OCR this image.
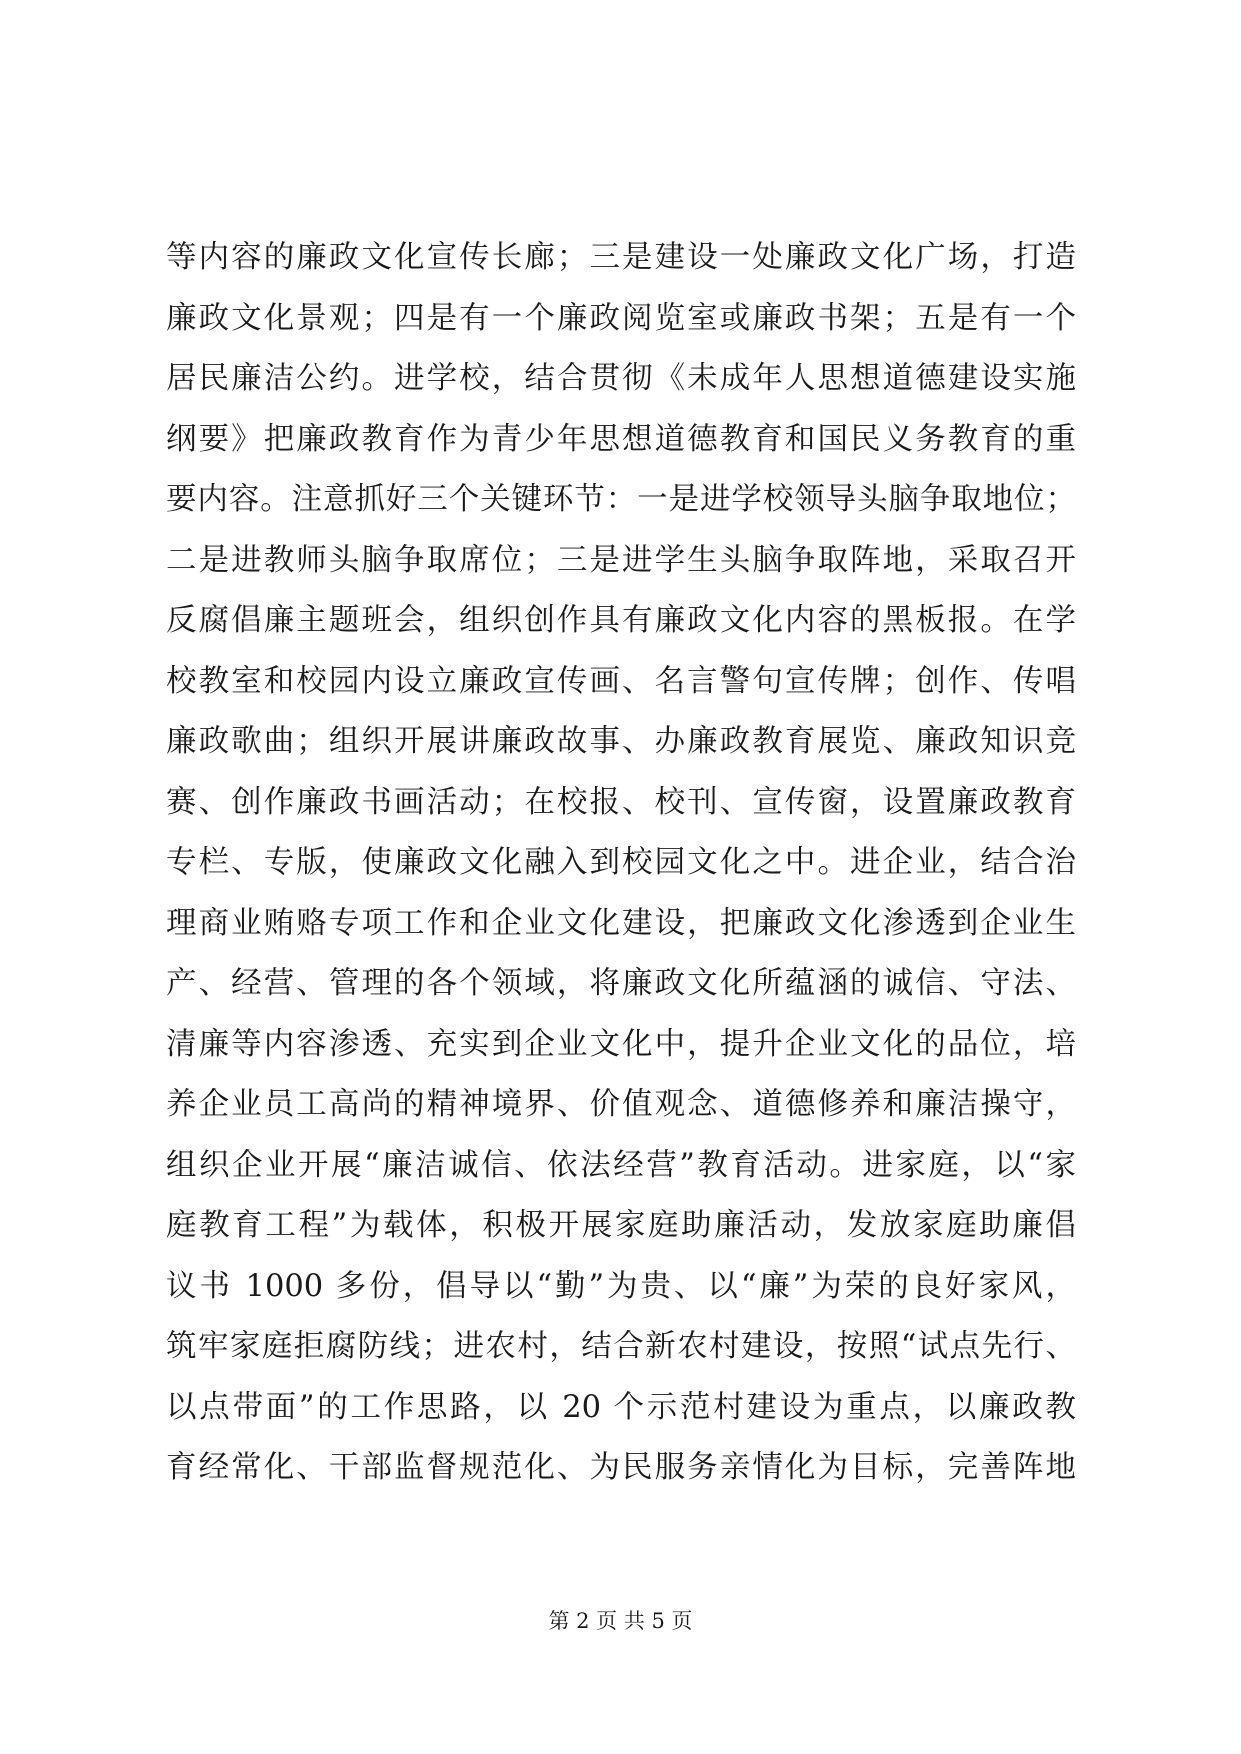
等内容的廉政文化宣传长廊；三是建设一处廉政文化广场，打造
廉政文化景观；四是有一个廉政阅览室或廉政书架；五是有一个
居民廉洁公约。进学校，结合贯彻《未成年人思想道德建设实施
纲要》把廉政教育作为青少年思想道德教育和国民义务教育的重
要内容。注意抓好三个关键环节：一是进学校领导头脑争取地位；
二是进教师头脑争取席位；三是进学生头脑争取阵地，采取召开
反腐倡廉主题班会，组织创作具有廉政文化内容的黑板报。在学
校教室和校园内设立廉政宣传画、名言警句宣传牌；创作、传唱
廉政歌曲；组织开展讲廉政故事、办廉政教育展览、廉政知识竞
赛、创作廉政书画活动；在校报、校刊、宣传窗，设置廉政教育
专栏、专版，使廉政文化融入到校园文化之中。进企业，结合治
理商业贿赂专项工作和企业文化建设，把廉政文化渗透到企业生
产、经营、管理的各个领域，将廉政文化所蕴涵的诚信、守法、
清廉等内容渗透、充实到企业文化中，提升企业文化的品位，培
养企业员工高尚的精神境界、价值观念、道德修养和廉洁操守，
组织企业开展“廉洁诚信、依法经营”教育活动。进家庭，以“家
庭教育工程”为载体，积极开展家庭助廉活动，发放家庭助廉倡
议书 1000 多份，倡导以“勤”为贵、以“廉”为荣的良好家风，
筑牢家庭拒腐防线；进农村，结合新农村建设，按照“试点先行、
以点带面”的工作思路，以 20 个示范村建设为重点，以廉政教
育经常化、干部监督规范化、为民服务亲情化为目标，完善阵地
第 2 页 共 5 页
